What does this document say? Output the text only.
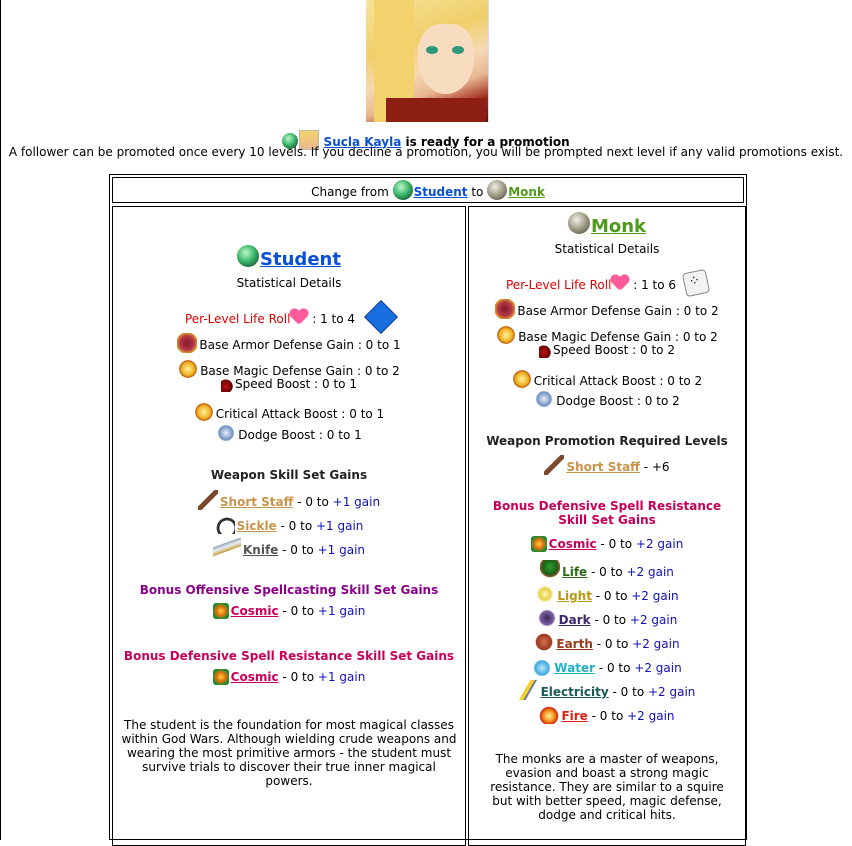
Sucla Kayla is ready for a promotion
A follower can be promoted once every 10 levels. If you decline a promotion, you will be prompted next level if any valid promotions exist.
Change from Student to Monk
Student
Statistical Details
Per-Level Life Roll : 1 to 4
Base Armor Defense Gain : 0 to 1
Base Magic Defense Gain : 0 to 2
Speed Boost : 0 to 1
Critical Attack Boost : 0 to 1
Dodge Boost : 0 to 1
Weapon Skill Set Gains
Short Staff - 0 to +1 gain
Sickle - 0 to +1 gain
Knife - 0 to +1 gain
Bonus Offensive Spellcasting Skill Set Gains
Cosmic - 0 to +1 gain
Bonus Defensive Spell Resistance Skill Set Gains
Cosmic - 0 to +1 gain
The student is the foundation for most magical classes within God Wars. Although wielding crude weapons and wearing the most primitive armors - the student must survive trials to discover their true inner magical powers.
Monk
Statistical Details
Per-Level Life Roll : 1 to 6⁘
Base Armor Defense Gain : 0 to 2
Base Magic Defense Gain : 0 to 2
Speed Boost : 0 to 2
Critical Attack Boost : 0 to 2
Dodge Boost : 0 to 2
Weapon Promotion Required Levels
Short Staff - +6
Bonus Defensive Spell Resistance Skill Set Gains
Cosmic - 0 to +2 gain
Life - 0 to +2 gain
Light - 0 to +2 gain
Dark - 0 to +2 gain
Earth - 0 to +2 gain
Water - 0 to +2 gain
Electricity - 0 to +2 gain
Fire - 0 to +2 gain
The monks are a master of weapons, evasion and boast a strong magic resistance. They are similar to a squire but with better speed, magic defense, dodge and critical hits.
